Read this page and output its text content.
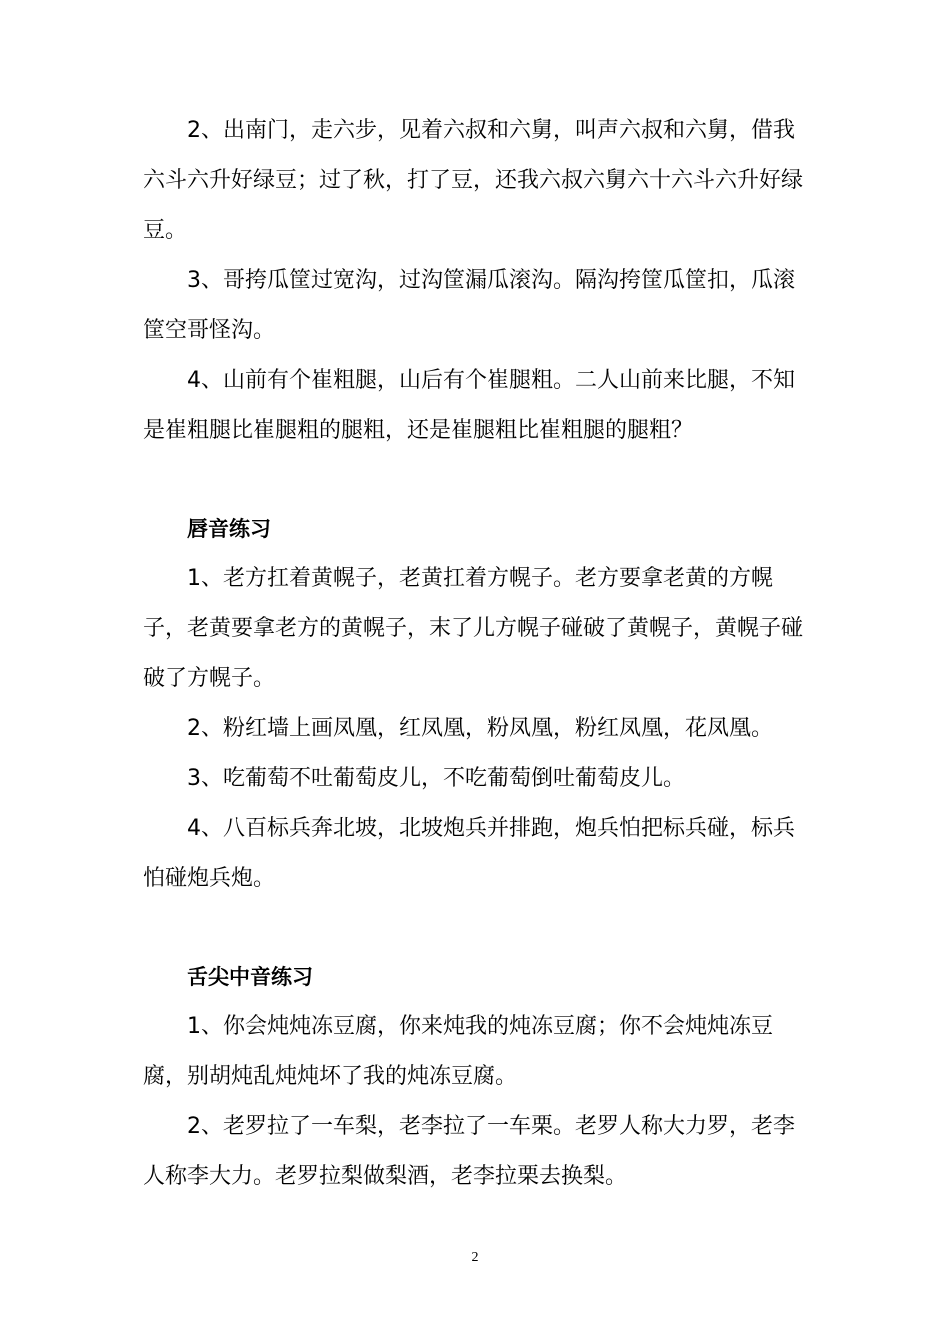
2、出南门，走六步，见着六叔和六舅，叫声六叔和六舅，借我六斗六升好绿豆；过了秋，打了豆，还我六叔六舅六十六斗六升好绿豆。

3、哥挎瓜筐过宽沟，过沟筐漏瓜滚沟。隔沟挎筐瓜筐扣，瓜滚筐空哥怪沟。

4、山前有个崔粗腿，山后有个崔腿粗。二人山前来比腿，不知是崔粗腿比崔腿粗的腿粗，还是崔腿粗比崔粗腿的腿粗？

唇音练习

1、老方扛着黄幌子，老黄扛着方幌子。老方要拿老黄的方幌子，老黄要拿老方的黄幌子，末了儿方幌子碰破了黄幌子，黄幌子碰破了方幌子。

2、粉红墙上画凤凰，红凤凰，粉凤凰，粉红凤凰，花凤凰。

3、吃葡萄不吐葡萄皮儿，不吃葡萄倒吐葡萄皮儿。

4、八百标兵奔北坡，北坡炮兵并排跑，炮兵怕把标兵碰，标兵怕碰炮兵炮。

舌尖中音练习

1、你会炖炖冻豆腐，你来炖我的炖冻豆腐；你不会炖炖冻豆腐，别胡炖乱炖炖坏了我的炖冻豆腐。

2、老罗拉了一车梨，老李拉了一车栗。老罗人称大力罗，老李人称李大力。老罗拉梨做梨酒，老李拉栗去换梨。

2
